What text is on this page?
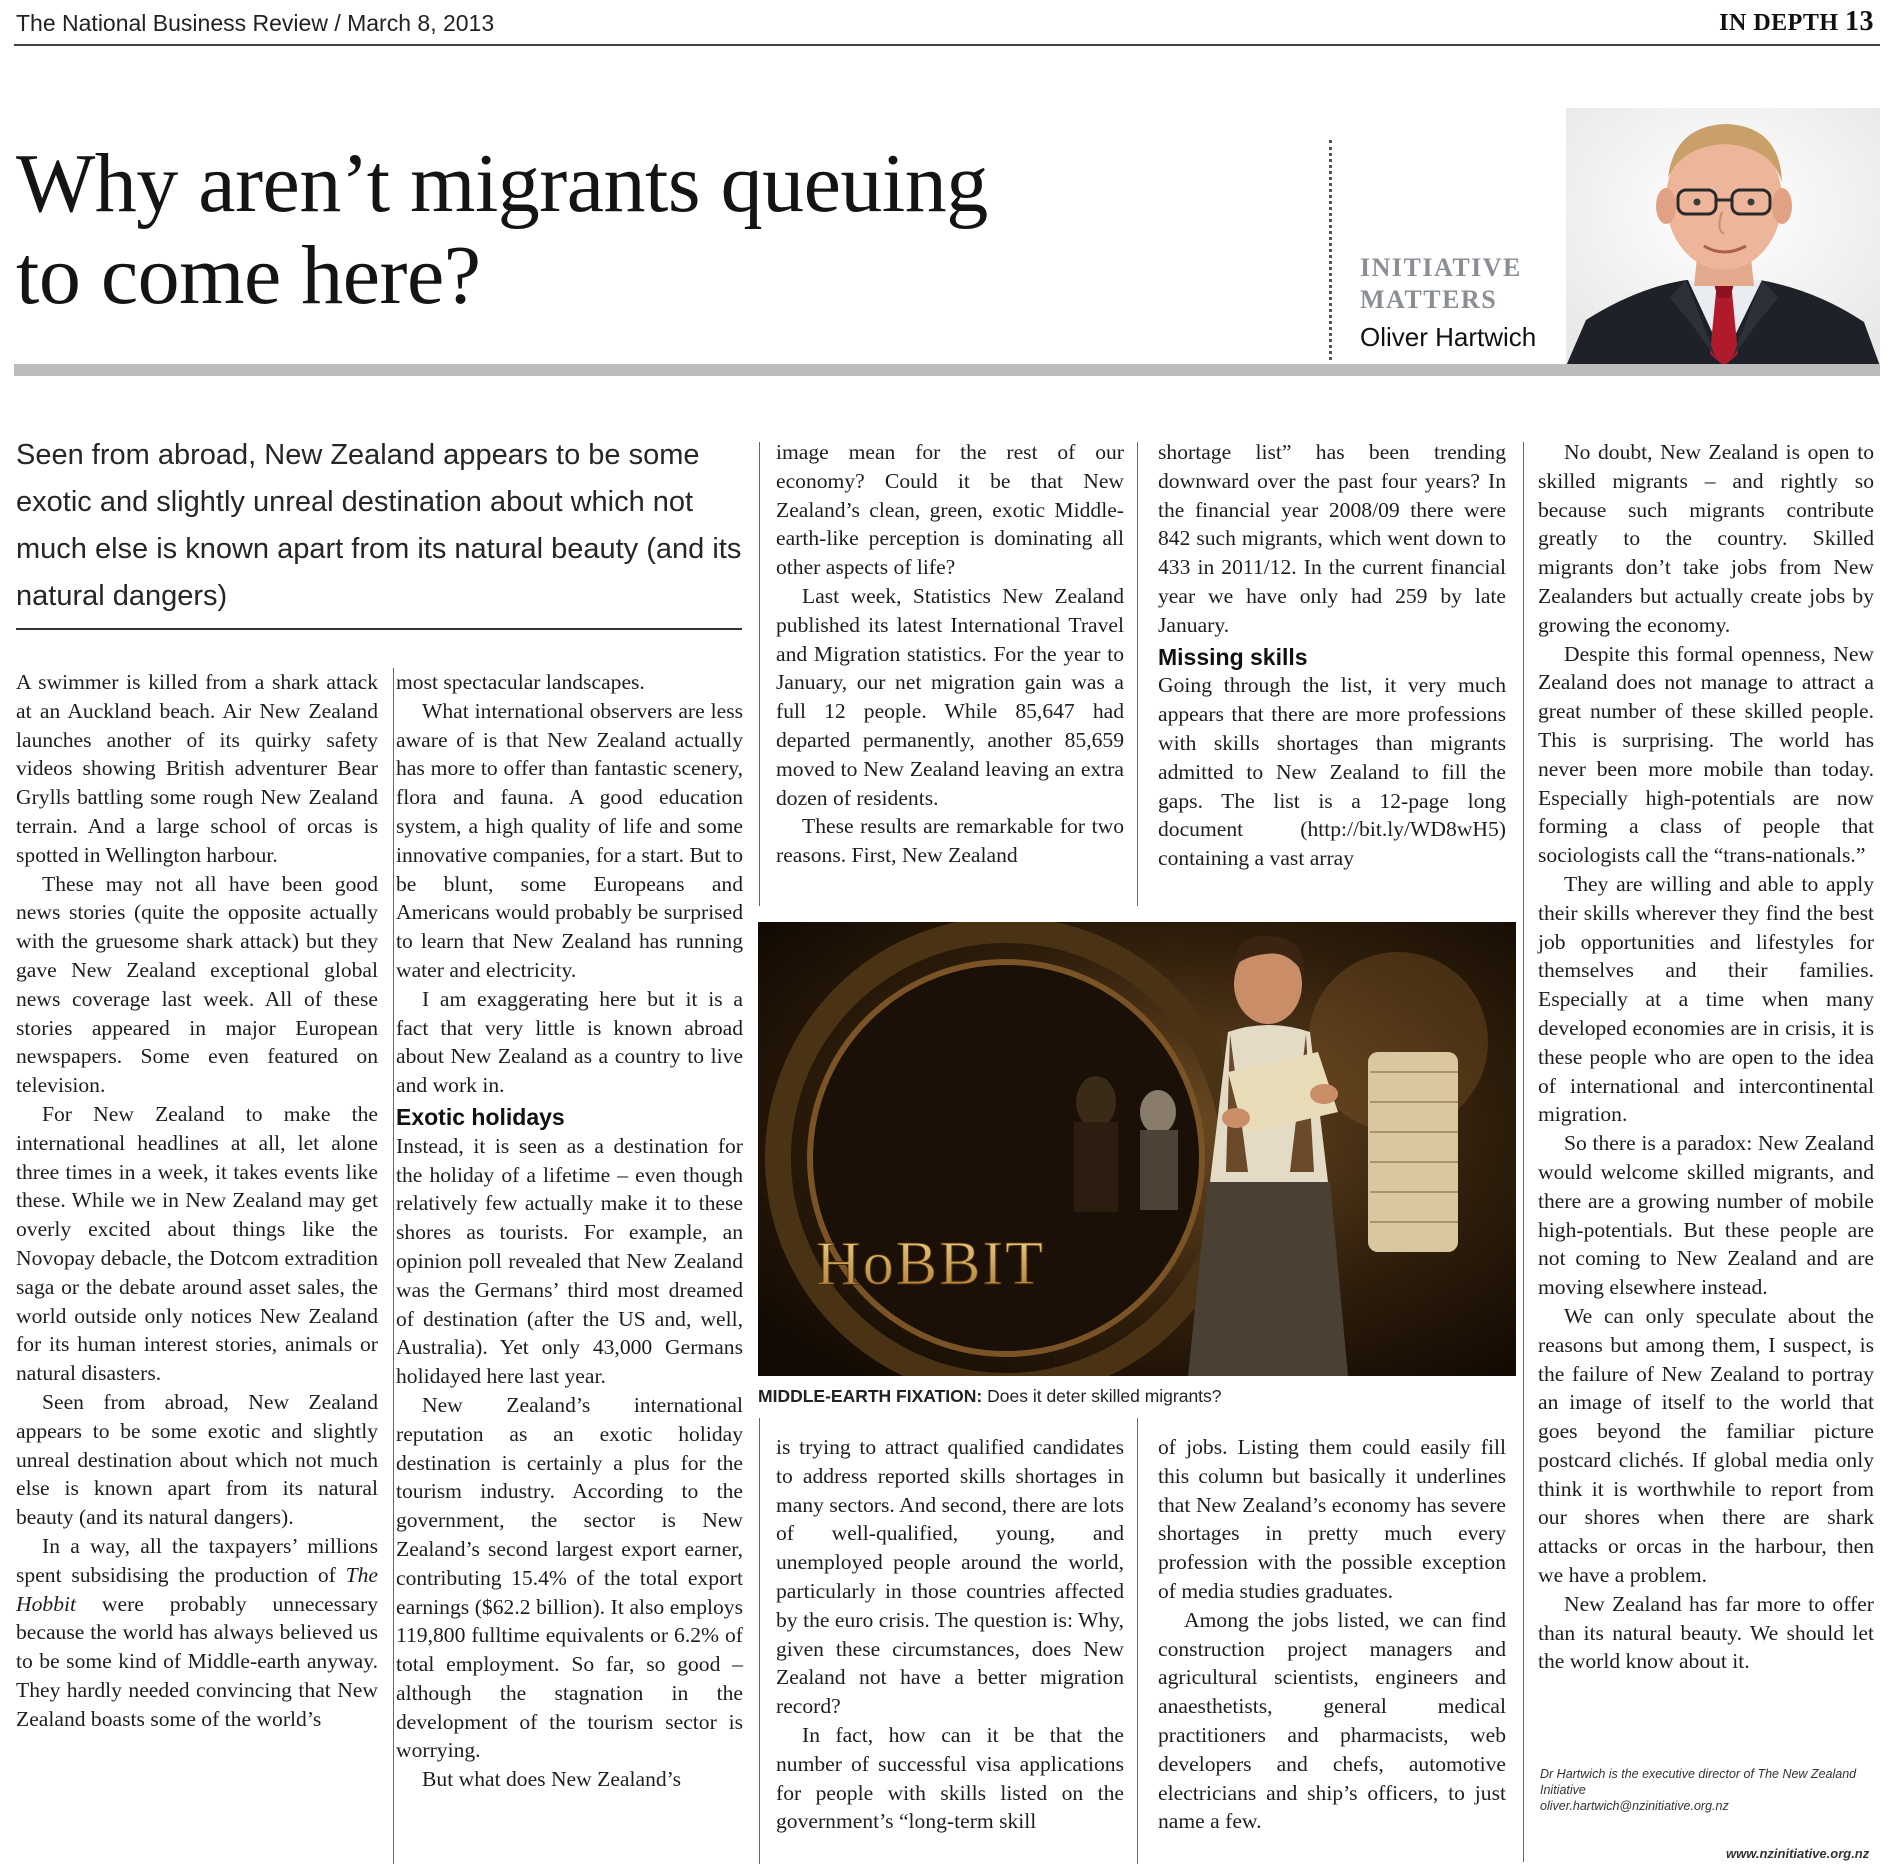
The National Business Review / March 8, 2013	IN DEPTH 13
Why aren’t migrants queuing
to come here?	INITIATIVE
MATTERS
Oliver Hartwich
Seen from abroad, New Zealand appears to be some exotic and slightly unreal destination about which not much else is known apart from its natural beauty (and its natural dangers)

A swimmer is killed from a shark attack at an Auckland beach. Air New Zealand launches another of its quirky safety videos showing British adventurer Bear Grylls battling some rough New Zealand terrain. And a large school of orcas is spotted in Wellington harbour.

These may not all have been good news stories (quite the opposite actually with the gruesome shark attack) but they gave New Zealand exceptional global news coverage last week. All of these stories appeared in major European newspapers. Some even featured on television.

For New Zealand to make the international headlines at all, let alone three times in a week, it takes events like these. While we in New Zealand may get overly excited about things like the Novopay debacle, the Dotcom extradition saga or the debate around asset sales, the world outside only notices New Zealand for its human interest stories, animals or natural disasters.

Seen from abroad, New Zealand appears to be some exotic and slightly unreal destination about which not much else is known apart from its natural beauty (and its natural dangers).

In a way, all the taxpayers’ millions spent subsidising the production of The Hobbit were probably unnecessary because the world has always believed us to be some kind of Middle-earth anyway. They hardly needed convincing that New Zealand boasts some of the world’s

most spectacular landscapes.

What international observers are less aware of is that New Zealand actually has more to offer than fantastic scenery, flora and fauna. A good education system, a high quality of life and some innovative companies, for a start. But to be blunt, some Europeans and Americans would probably be surprised to learn that New Zealand has running water and electricity.

I am exaggerating here but it is a fact that very little is known abroad about New Zealand as a country to live and work in.

Exotic holidays

Instead, it is seen as a destination for the holiday of a lifetime – even though relatively few actually make it to these shores as tourists. For example, an opinion poll revealed that New Zealand was the Germans’ third most dreamed of destination (after the US and, well, Australia). Yet only 43,000 Germans holidayed here last year.

New Zealand’s international reputation as an exotic holiday destination is certainly a plus for the tourism industry. According to the government, the sector is New Zealand’s second largest export earner, contributing 15.4% of the total export earnings ($62.2 billion). It also employs 119,800 fulltime equivalents or 6.2% of total employment. So far, so good – although the stagnation in the development of the tourism sector is worrying.

But what does New Zealand’s

image mean for the rest of our economy? Could it be that New Zealand’s clean, green, exotic Middle-earth-like perception is dominating all other aspects of life?

Last week, Statistics New Zealand published its latest International Travel and Migration statistics. For the year to January, our net migration gain was a full 12 people. While 85,647 had departed permanently, another 85,659 moved to New Zealand leaving an extra dozen of residents.

These results are remarkable for two reasons. First, New Zealand

shortage list” has been trending downward over the past four years? In the financial year 2008/09 there were 842 such migrants, which went down to 433 in 2011/12. In the current financial year we have only had 259 by late January.

Missing skills

Going through the list, it very much appears that there are more professions with skills shortages than migrants admitted to New Zealand to fill the gaps. The list is a 12-page long document (http://bit.ly/WD8wH5) containing a vast array

HoBBIT
MIDDLE-EARTH FIXATION: Does it deter skilled migrants?

is trying to attract qualified candidates to address reported skills shortages in many sectors. And second, there are lots of well-qualified, young, and unemployed people around the world, particularly in those countries affected by the euro crisis. The question is: Why, given these circumstances, does New Zealand not have a better migration record?

In fact, how can it be that the number of successful visa applications for people with skills listed on the government’s “long-term skill

of jobs. Listing them could easily fill this column but basically it underlines that New Zealand’s economy has severe shortages in pretty much every profession with the possible exception of media studies graduates.

Among the jobs listed, we can find construction project managers and agricultural scientists, engineers and anaesthetists, general medical practitioners and pharmacists, web developers and chefs, automotive electricians and ship’s officers, to just name a few.

No doubt, New Zealand is open to skilled migrants – and rightly so because such migrants contribute greatly to the country. Skilled migrants don’t take jobs from New Zealanders but actually create jobs by growing the economy.

Despite this formal openness, New Zealand does not manage to attract a great number of these skilled people. This is surprising. The world has never been more mobile than today. Especially high-potentials are now forming a class of people that sociologists call the “trans-nationals.”

They are willing and able to apply their skills wherever they find the best job opportunities and lifestyles for themselves and their families. Especially at a time when many developed economies are in crisis, it is these people who are open to the idea of international and intercontinental migration.

So there is a paradox: New Zealand would welcome skilled migrants, and there are a growing number of mobile high-potentials. But these people are not coming to New Zealand and are moving elsewhere instead.

We can only speculate about the reasons but among them, I suspect, is the failure of New Zealand to portray an image of itself to the world that goes beyond the familiar picture postcard clichés. If global media only think it is worthwhile to report from our shores when there are shark attacks or orcas in the harbour, then we have a problem.

New Zealand has far more to offer than its natural beauty. We should let the world know about it.

Dr Hartwich is the executive director of The New Zealand Initiative
oliver.hartwich@nzinitiative.org.nz
www.nzinitiative.org.nz
